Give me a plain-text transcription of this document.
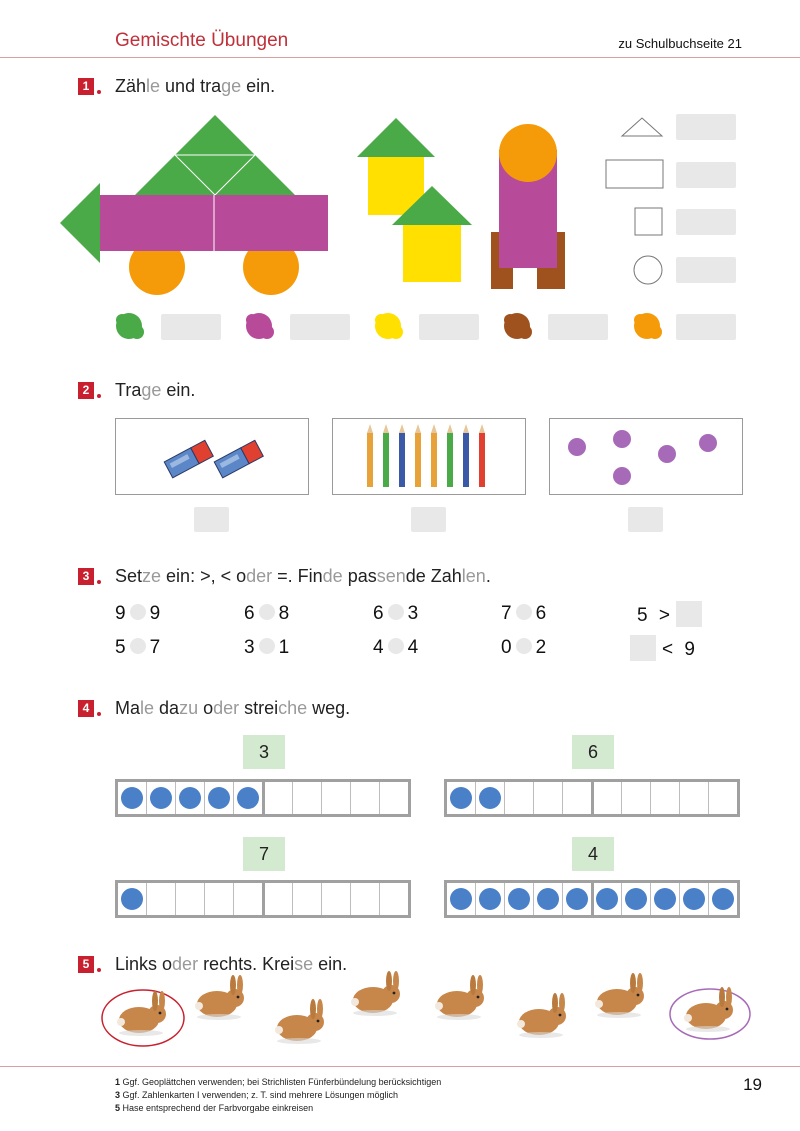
Gemischte Übungen	zu Schulbuchseite 21
1 Zähle und trage ein.
2 Trage ein.
3 Setze ein: >, < oder =. Finde passende Zahlen.
9 9	6 8	6 3	7 6	5 >
5 7	3 1	4 4	0 2	< 9
4 Male dazu oder streiche weg.
3	6
7	4
5 Links oder rechts. Kreise ein.
1 Ggf. Geoplättchen verwenden; bei Strichlisten Fünferbündelung berücksichtigen
3 Ggf. Zahlenkarten I verwenden; z. T. sind mehrere Lösungen möglich
5 Hase entsprechend der Farbvorgabe einkreisen
19
